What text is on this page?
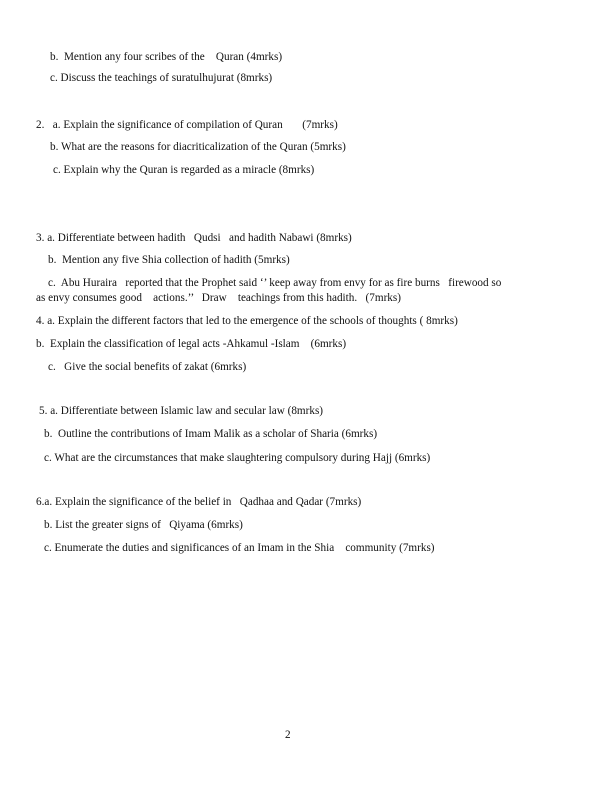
b.  Mention any four scribes of the    Quran (4mrks)
c. Discuss the teachings of suratulhujurat (8mrks)
2.   a. Explain the significance of compilation of Quran       (7mrks)
b. What are the reasons for diacriticalization of the Quran (5mrks)
c. Explain why the Quran is regarded as a miracle (8mrks)
3. a. Differentiate between hadith   Qudsi   and hadith Nabawi (8mrks)
b.  Mention any five Shia collection of hadith (5mrks)
c.  Abu Huraira   reported that the Prophet said ‘’ keep away from envy for as fire burns   firewood so
as envy consumes good    actions.’’   Draw    teachings from this hadith.   (7mrks)
4. a. Explain the different factors that led to the emergence of the schools of thoughts ( 8mrks)
b.  Explain the classification of legal acts -Ahkamul -Islam    (6mrks)
c.   Give the social benefits of zakat (6mrks)
5. a. Differentiate between Islamic law and secular law (8mrks)
b.  Outline the contributions of Imam Malik as a scholar of Sharia (6mrks)
c. What are the circumstances that make slaughtering compulsory during Hajj (6mrks)
6.a. Explain the significance of the belief in   Qadhaa and Qadar (7mrks)
b. List the greater signs of   Qiyama (6mrks)
c. Enumerate the duties and significances of an Imam in the Shia    community (7mrks)
2
